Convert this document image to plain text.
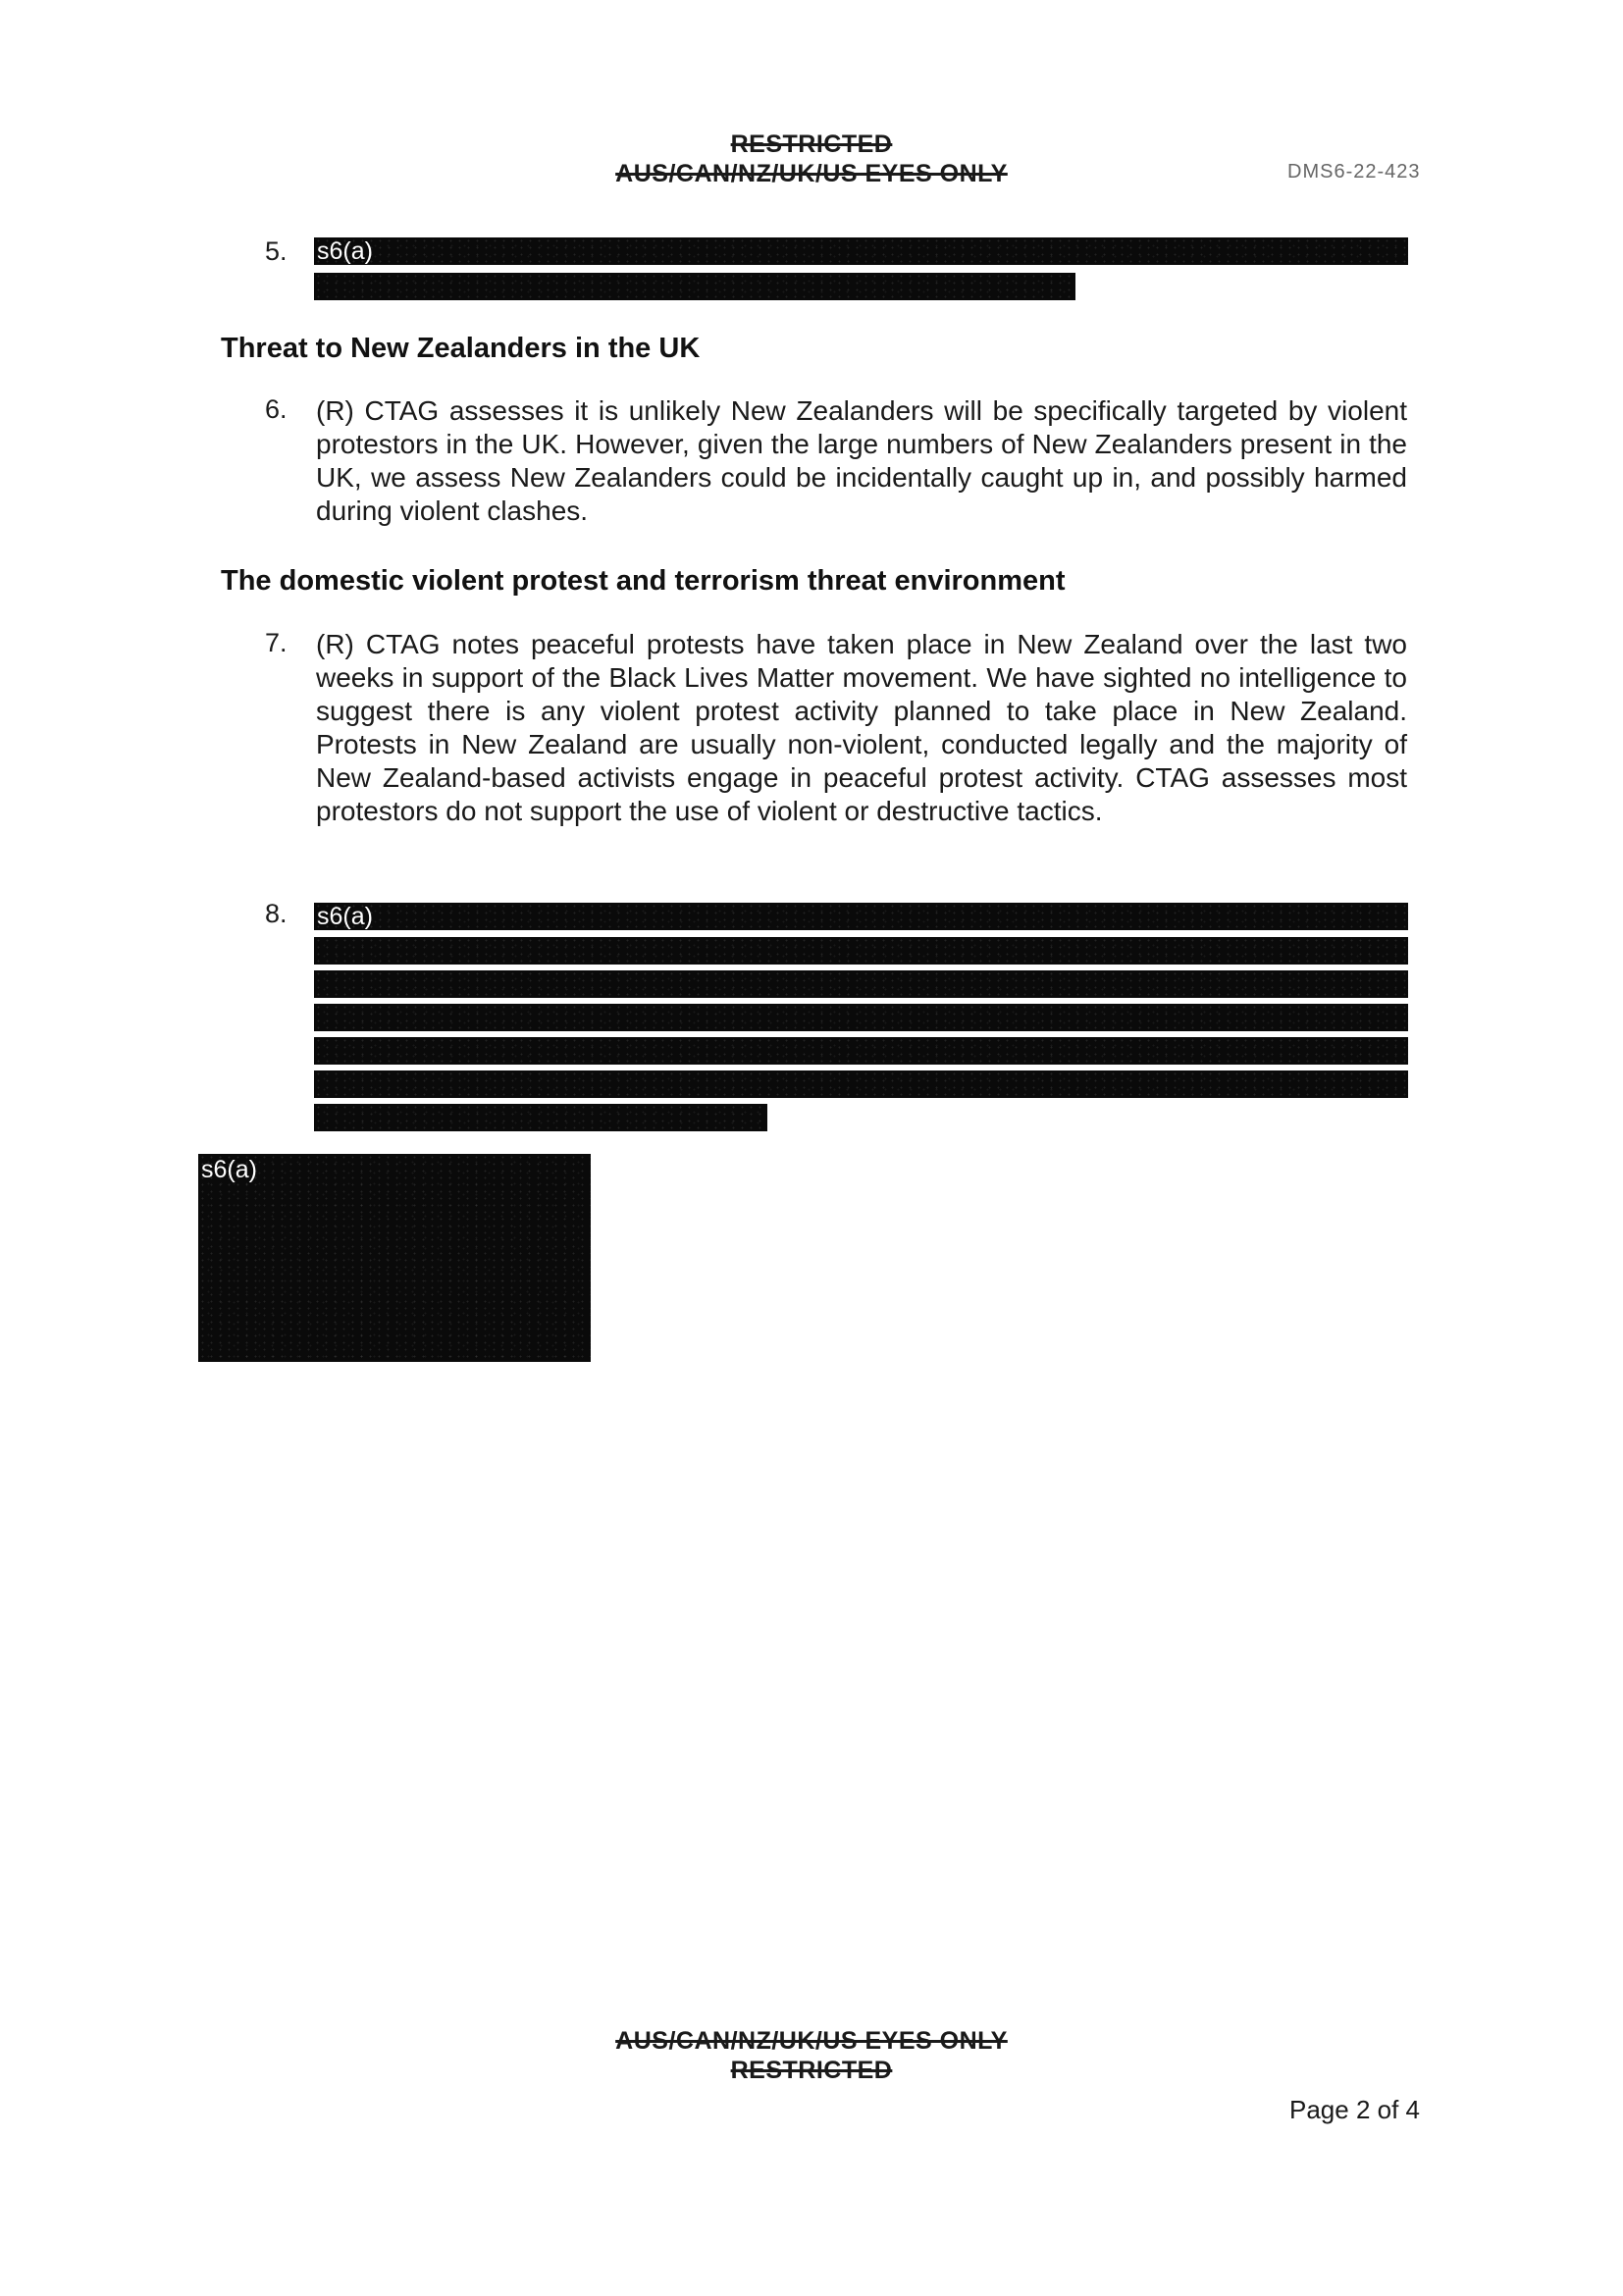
RESTRICTED
AUS/CAN/NZ/UK/US EYES ONLY	DMS6-22-423
5. s6(a)
Threat to New Zealanders in the UK
6. (R) CTAG assesses it is unlikely New Zealanders will be specifically targeted by violent protestors in the UK. However, given the large numbers of New Zealanders present in the UK, we assess New Zealanders could be incidentally caught up in, and possibly harmed during violent clashes.
The domestic violent protest and terrorism threat environment
7. (R) CTAG notes peaceful protests have taken place in New Zealand over the last two weeks in support of the Black Lives Matter movement. We have sighted no intelligence to suggest there is any violent protest activity planned to take place in New Zealand. Protests in New Zealand are usually non-violent, conducted legally and the majority of New Zealand-based activists engage in peaceful protest activity. CTAG assesses most protestors do not support the use of violent or destructive tactics.
8. s6(a)
s6(a)
AUS/CAN/NZ/UK/US EYES ONLY
RESTRICTED
Page 2 of 4
